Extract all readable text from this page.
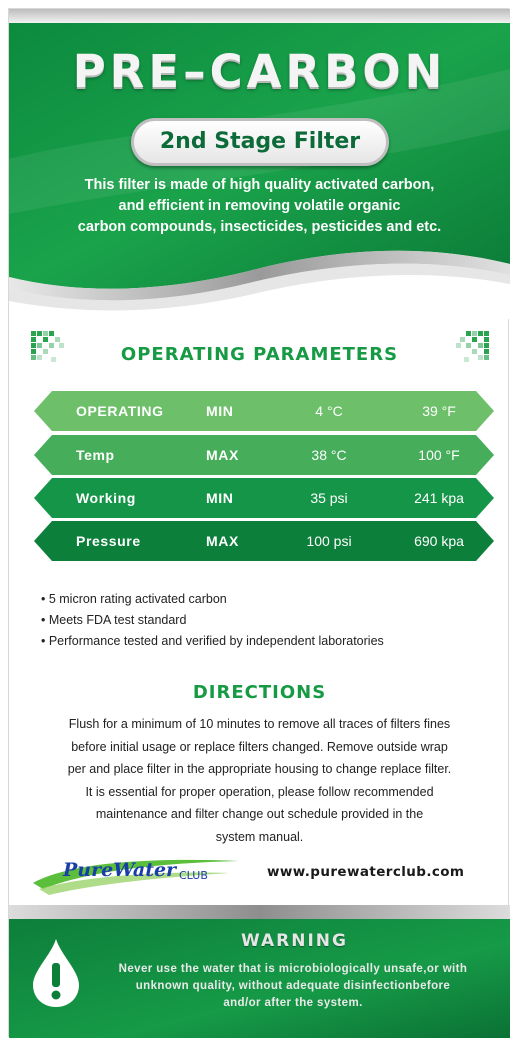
PRE–CARBON
2nd Stage Filter
This filter is made of high quality activated carbon,
and efficient in removing volatile organic
carbon compounds, insecticides, pesticides and etc.
OPERATING PARAMETERS
OPERATING	MIN	4 °C	39 °F
Temp	MAX	38 °C	100 °F
Working	MIN	35 psi	241 kpa
Pressure	MAX	100 psi	690 kpa
• 5 micron rating activated carbon
• Meets FDA test standard
• Performance tested and verified by independent laboratories
DIRECTIONS
Flush for a minimum of 10 minutes to remove all traces of filters fines
before initial usage or replace filters changed. Remove outside wrap
per and place filter in the appropriate housing to change replace filter.
It is essential for proper operation, please follow recommended
maintenance and filter change out schedule provided in the
system manual.
PureWater CLUB	www.purewaterclub.com
WARNING
Never use the water that is microbiologically unsafe,or with
unknown quality, without adequate disinfectionbefore
and/or after the system.
